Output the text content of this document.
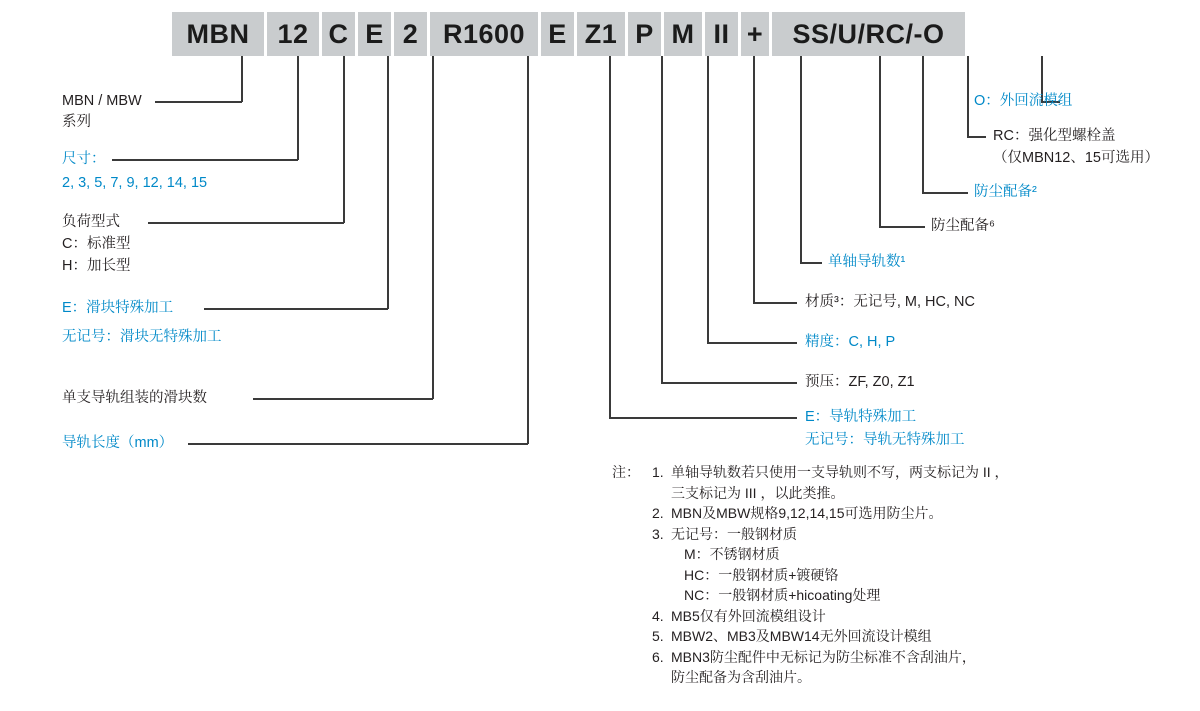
MBN	12 C E 2 R1600 E Z1 P M II +	SS/U/RC/-O
MBN / MBW
系列
尺寸：
2, 3, 5, 7, 9, 12, 14, 15
负荷型式
C：标准型
H：加长型
E：滑块特殊加工
无记号：滑块无特殊加工
单支导轨组装的滑块数
导轨长度（mm）
O：外回流模组
RC：强化型螺栓盖
（仅MBN12、15可选用）
防尘配备²
防尘配备⁶
单轴导轨数¹
材质³：无记号, M, HC, NC
精度：C, H, P
预压：ZF, Z0, Z1
E：导轨特殊加工
无记号：导轨无特殊加工
注： 1. 单轴导轨数若只使用一支导轨则不写，两支标记为 II ，
三支标记为 III ，以此类推。
2. MBN及MBW规格9,12,14,15可选用防尘片。
3. 无记号：一般钢材质
M：不锈钢材质
HC：一般钢材质+镀硬铬
NC：一般钢材质+hicoating处理
4. MB5仅有外回流模组设计
5. MBW2、MB3及MBW14无外回流设计模组
6. MBN3防尘配件中无标记为防尘标准不含刮油片，
防尘配备为含刮油片。
